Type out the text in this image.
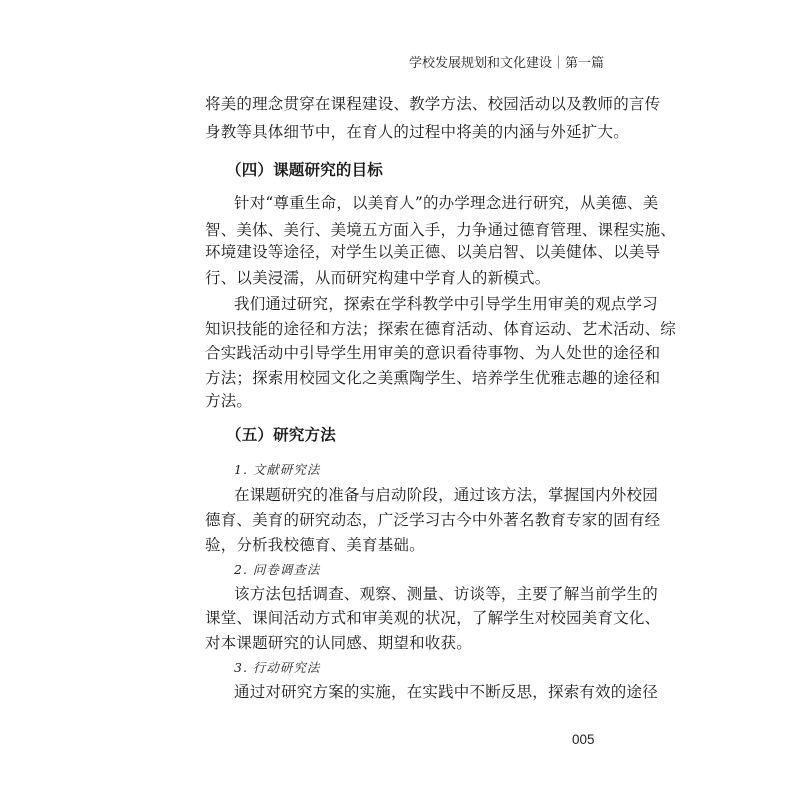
学校发展规划和文化建设｜第一篇
将美的理念贯穿在课程建设、教学方法、校园活动以及教师的言传
身教等具体细节中，在育人的过程中将美的内涵与外延扩大。
（四）课题研究的目标
针对“尊重生命，以美育人”的办学理念进行研究，从美德、美
智、美体、美行、美境五方面入手，力争通过德育管理、课程实施、
环境建设等途径，对学生以美正德、以美启智、以美健体、以美导
行、以美浸濡，从而研究构建中学育人的新模式。
我们通过研究，探索在学科教学中引导学生用审美的观点学习
知识技能的途径和方法；探索在德育活动、体育运动、艺术活动、综
合实践活动中引导学生用审美的意识看待事物、为人处世的途径和
方法；探索用校园文化之美熏陶学生、培养学生优雅志趣的途径和
方法。
（五）研究方法
1. 文献研究法
在课题研究的准备与启动阶段，通过该方法，掌握国内外校园
德育、美育的研究动态，广泛学习古今中外著名教育专家的固有经
验，分析我校德育、美育基础。
2. 问卷调查法
该方法包括调查、观察、测量、访谈等，主要了解当前学生的
课堂、课间活动方式和审美观的状况，了解学生对校园美育文化、
对本课题研究的认同感、期望和收获。
3. 行动研究法
通过对研究方案的实施，在实践中不断反思，探索有效的途径
005
